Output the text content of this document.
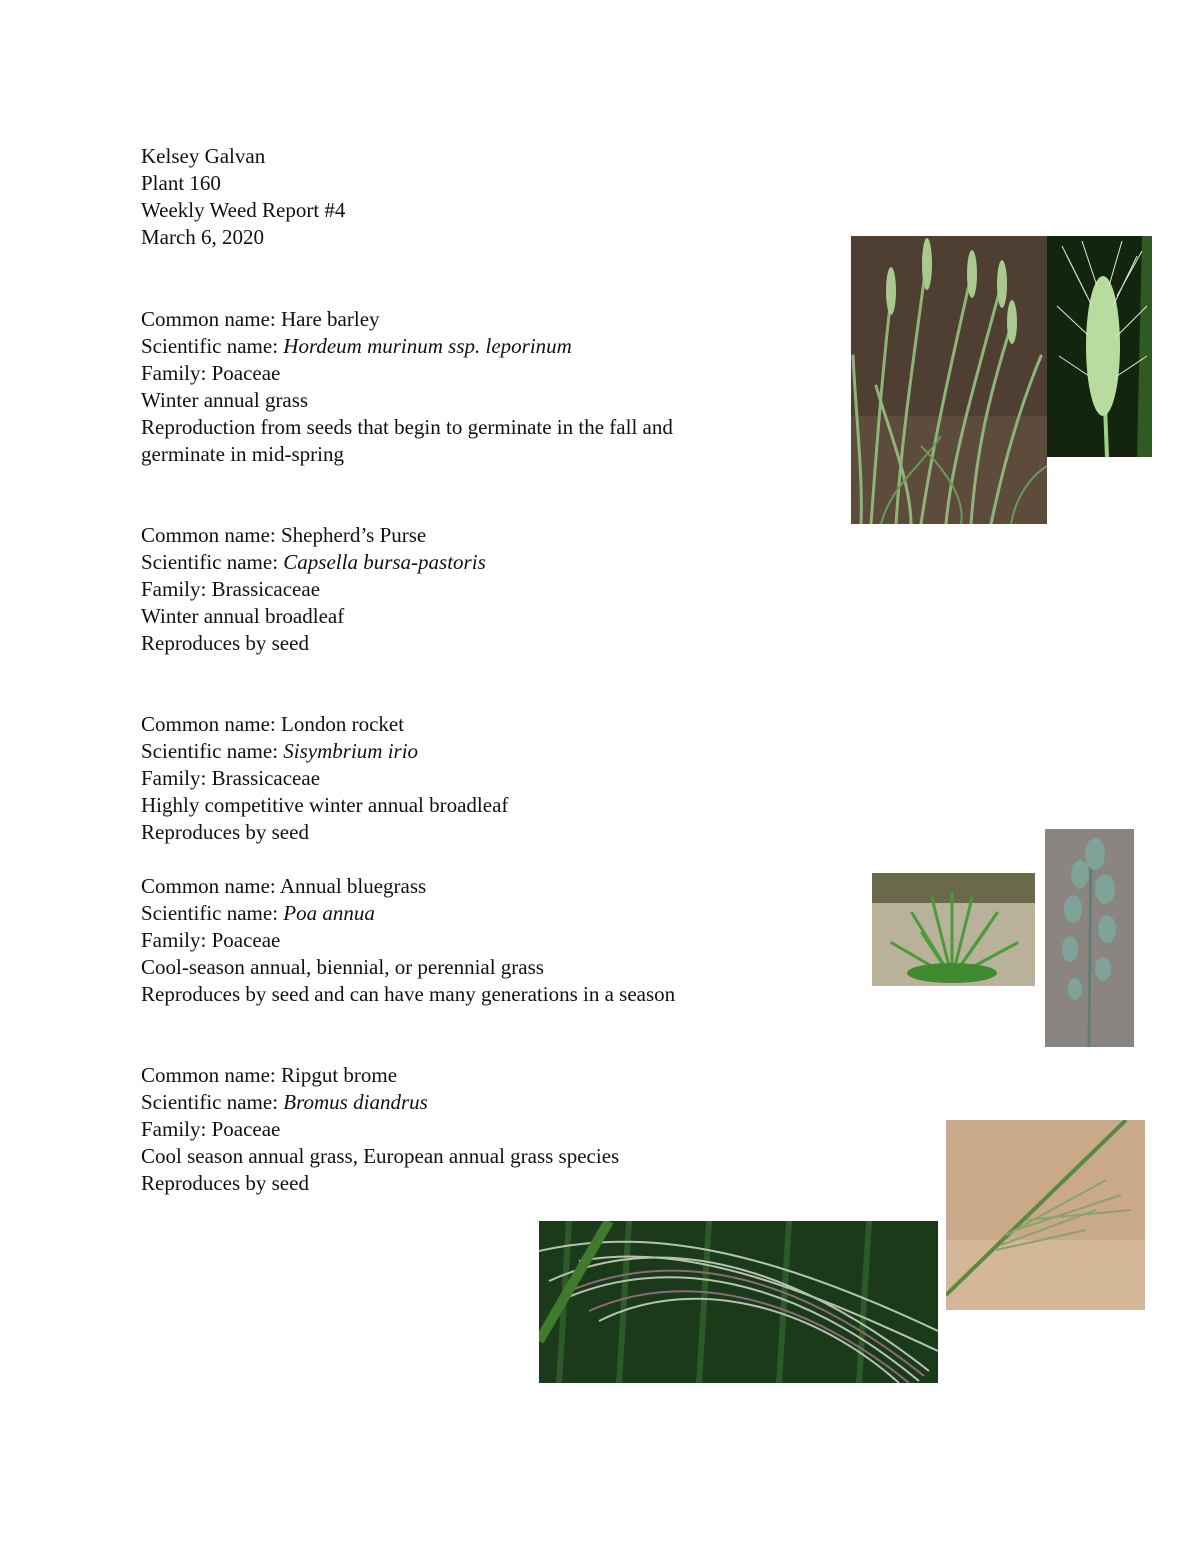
Kelsey Galvan
Plant 160
Weekly Weed Report #4
March 6, 2020
Common name: Hare barley
Scientific name: Hordeum murinum ssp. leporinum
Family: Poaceae
Winter annual grass
Reproduction from seeds that begin to germinate in the fall and germinate in mid-spring
Common name: Shepherd’s Purse
Scientific name: Capsella bursa-pastoris
Family: Brassicaceae
Winter annual broadleaf
Reproduces by seed
Common name: London rocket
Scientific name: Sisymbrium irio
Family: Brassicaceae
Highly competitive winter annual broadleaf
Reproduces by seed
Common name: Annual bluegrass
Scientific name: Poa annua
Family: Poaceae
Cool-season annual, biennial, or perennial grass
Reproduces by seed and can have many generations in a season
Common name: Ripgut brome
Scientific name: Bromus diandrus
Family: Poaceae
Cool season annual grass, European annual grass species
Reproduces by seed
